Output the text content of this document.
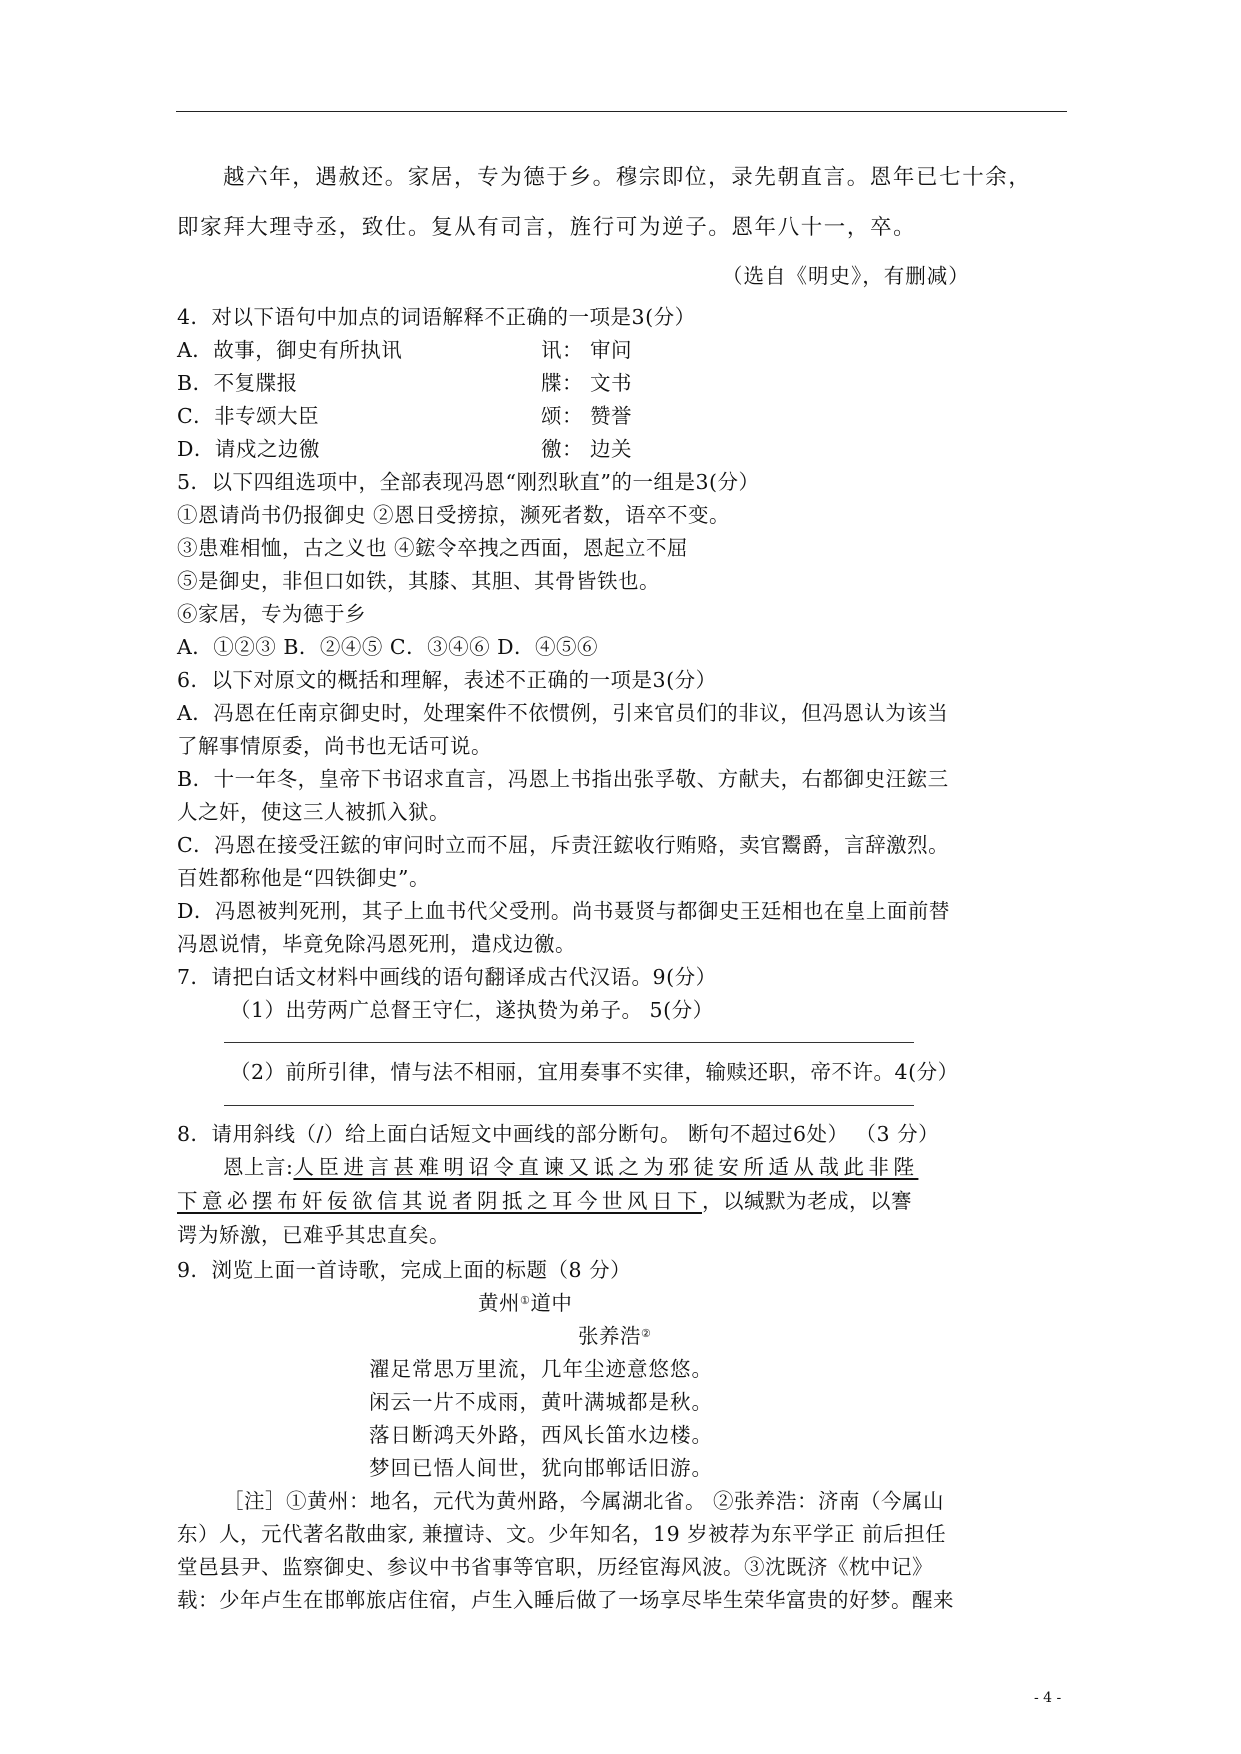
越六年，遇赦还。家居，专为德于乡。穆宗即位，录先朝直言。恩年已七十余，
即家拜大理寺丞，致仕。复从有司言，旌行可为逆子。恩年八十一，卒。
（选自《明史》，有删减）
4．对以下语句中加点的词语解释不正确的一项是3(分）
A．故事，御史有所执讯	讯： 审问
B．不复牒报	牒： 文书
C．非专颂大臣	颂： 赞誉
D．请戍之边徼	徼： 边关
5．以下四组选项中，全部表现冯恩“刚烈耿直”的一组是3(分）
①恩请尚书仍报御史 ②恩日受搒掠，濒死者数，语卒不变。
③患难相恤，古之义也 ④鋐令卒拽之西面，恩起立不屈
⑤是御史，非但口如铁，其膝、其胆、其骨皆铁也。
⑥家居，专为德于乡
A．①②③ B．②④⑤ C．③④⑥ D．④⑤⑥
6．以下对原文的概括和理解，表述不正确的一项是3(分）
A．冯恩在任南京御史时，处理案件不依惯例，引来官员们的非议，但冯恩认为该当
了解事情原委，尚书也无话可说。
B．十一年冬，皇帝下书诏求直言，冯恩上书指出张孚敬、方献夫，右都御史汪鋐三
人之奸，使这三人被抓入狱。
C．冯恩在接受汪鋐的审问时立而不屈，斥责汪鋐收行贿赂，卖官鬻爵，言辞激烈。
百姓都称他是“四铁御史”。
D．冯恩被判死刑，其子上血书代父受刑。尚书聂贤与都御史王廷相也在皇上面前替
冯恩说情，毕竟免除冯恩死刑，遣戍边徼。
7．请把白话文材料中画线的语句翻译成古代汉语。9(分）
（1）出劳两广总督王守仁，遂执贽为弟子。 5(分）
（2）前所引律，情与法不相丽，宜用奏事不实律，输赎还职，帝不许。4(分）
8．请用斜线（/）给上面白话短文中画线的部分断句。 断句不超过6处） （3 分）
恩上言:人臣进言甚难明诏令直谏又诋之为邪徒安所适从哉此非陛
下意必摆布奸佞欲信其说者阴抵之耳今世风日下，以缄默为老成，以謇
谔为矫激，已难乎其忠直矣。
9．浏览上面一首诗歌，完成上面的标题（8 分）
黄州①道中
张养浩②
濯足常思万里流，几年尘迹意悠悠。
闲云一片不成雨，黄叶满城都是秋。
落日断鸿天外路，西风长笛水边楼。
梦回已悟人间世，犹向邯郸话旧游。
［注］①黄州：地名，元代为黄州路，今属湖北省。 ②张养浩：济南（今属山
东）人，元代著名散曲家, 兼擅诗、文。少年知名，19 岁被荐为东平学正 前后担任
堂邑县尹、监察御史、参议中书省事等官职，历经宦海风波。③沈既济《枕中记》
载：少年卢生在邯郸旅店住宿，卢生入睡后做了一场享尽毕生荣华富贵的好梦。醒来
- 4 -
